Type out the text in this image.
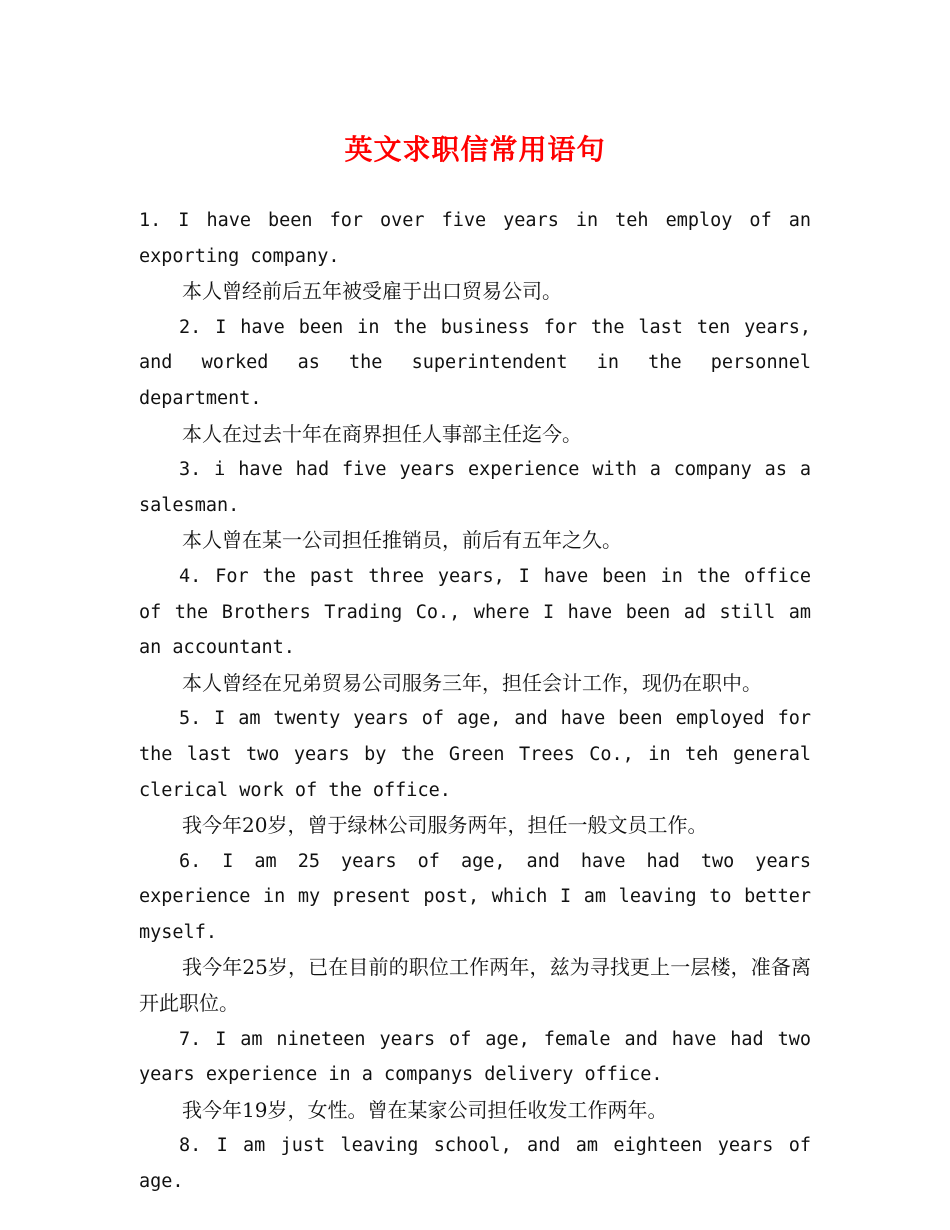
英文求职信常用语句

1. I have been for over five years in teh employ of an exporting company.

本人曾经前后五年被受雇于出口贸易公司。

2. I have been in the business for the last ten years, and worked as the superintendent in the personnel department.

本人在过去十年在商界担任人事部主任迄今。

3. i have had five years experience with a company as a salesman.

本人曾在某一公司担任推销员，前后有五年之久。

4. For the past three years, I have been in the office of the Brothers Trading Co., where I have been ad still am an accountant.

本人曾经在兄弟贸易公司服务三年，担任会计工作，现仍在职中。

5. I am twenty years of age, and have been employed for the last two years by the Green Trees Co., in teh general clerical work of the office.

我今年20岁，曾于绿林公司服务两年，担任一般文员工作。

6. I am 25 years of age, and have had two years experience in my present post, which I am leaving to better myself.

我今年25岁，已在目前的职位工作两年，兹为寻找更上一层楼，准备离开此职位。

7. I am nineteen years of age, female and have had two years experience in a companys delivery office.

我今年19岁，女性。曾在某家公司担任收发工作两年。

8. I am just leaving school, and am eighteen years of age.
